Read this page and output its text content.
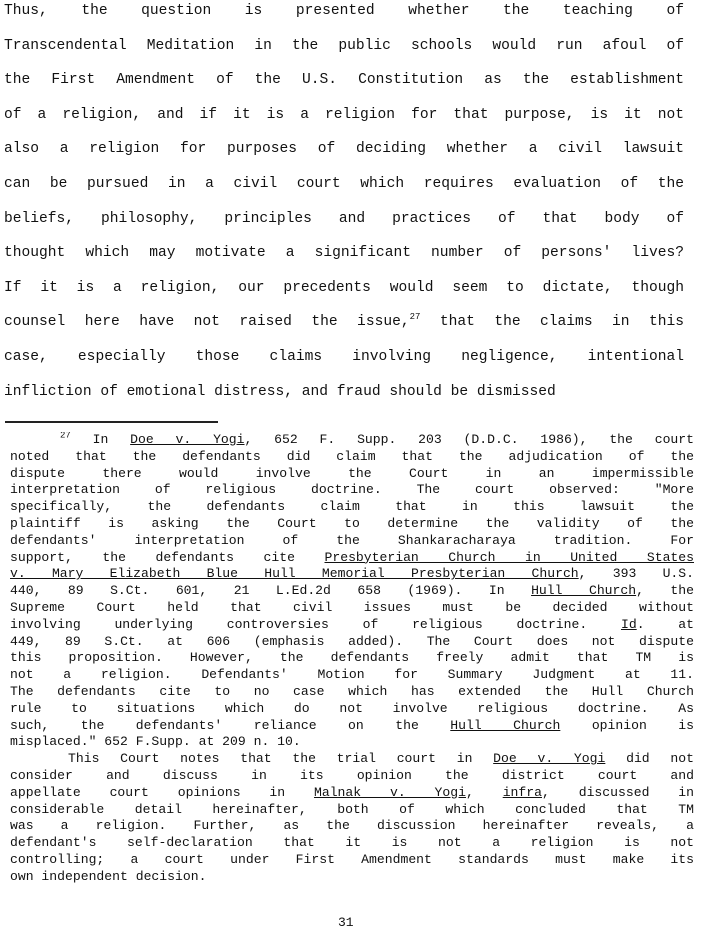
Thus, the question is presented whether the teaching of
Transcendental Meditation in the public schools would run afoul of
the First Amendment of the U.S. Constitution as the establishment
of a religion, and if it is a religion for that purpose, is it not
also a religion for purposes of deciding whether a civil lawsuit
can be pursued in a civil court which requires evaluation of the
beliefs, philosophy, principles and practices of that body of
thought which may motivate a significant number of persons' lives?
If it is a religion, our precedents would seem to dictate, though
counsel here have not raised the issue,$^{27}$ that the claims in this
case, especially those claims involving negligence, intentional
infliction of emotional distress, and fraud should be dismissed
$^{27}$ In Doe v. Yogi, 652 F. Supp. 203 (D.D.C. 1986), the court
noted that the defendants did claim that the adjudication of the
dispute there would involve the Court in an impermissible
interpretation of religious doctrine. The court observed: "More
specifically, the defendants claim that in this lawsuit the
plaintiff is asking the Court to determine the validity of the
defendants' interpretation of the Shankaracharaya tradition. For
support, the defendants cite Presbyterian Church in United States
v. Mary Elizabeth Blue Hull Memorial Presbyterian Church, 393 U.S.
440, 89 S.Ct. 601, 21 L.Ed.2d 658 (1969). In Hull Church, the
Supreme Court held that civil issues must be decided without
involving underlying controversies of religious doctrine. Id. at
449, 89 S.Ct. at 606 (emphasis added). The Court does not dispute
this proposition. However, the defendants freely admit that TM is
not a religion. Defendants' Motion for Summary Judgment at 11.
The defendants cite to no case which has extended the Hull Church
rule to situations which do not involve religious doctrine. As
such, the defendants' reliance on the Hull Church opinion is
misplaced." 652 F.Supp. at 209 n. 10.
This Court notes that the trial court in Doe v. Yogi did not
consider and discuss in its opinion the district court and
appellate court opinions in Malnak v. Yogi, infra, discussed in
considerable detail hereinafter, both of which concluded that TM
was a religion. Further, as the discussion hereinafter reveals, a
defendant's self-declaration that it is not a religion is not
controlling; a court under First Amendment standards must make its
own independent decision.
31
